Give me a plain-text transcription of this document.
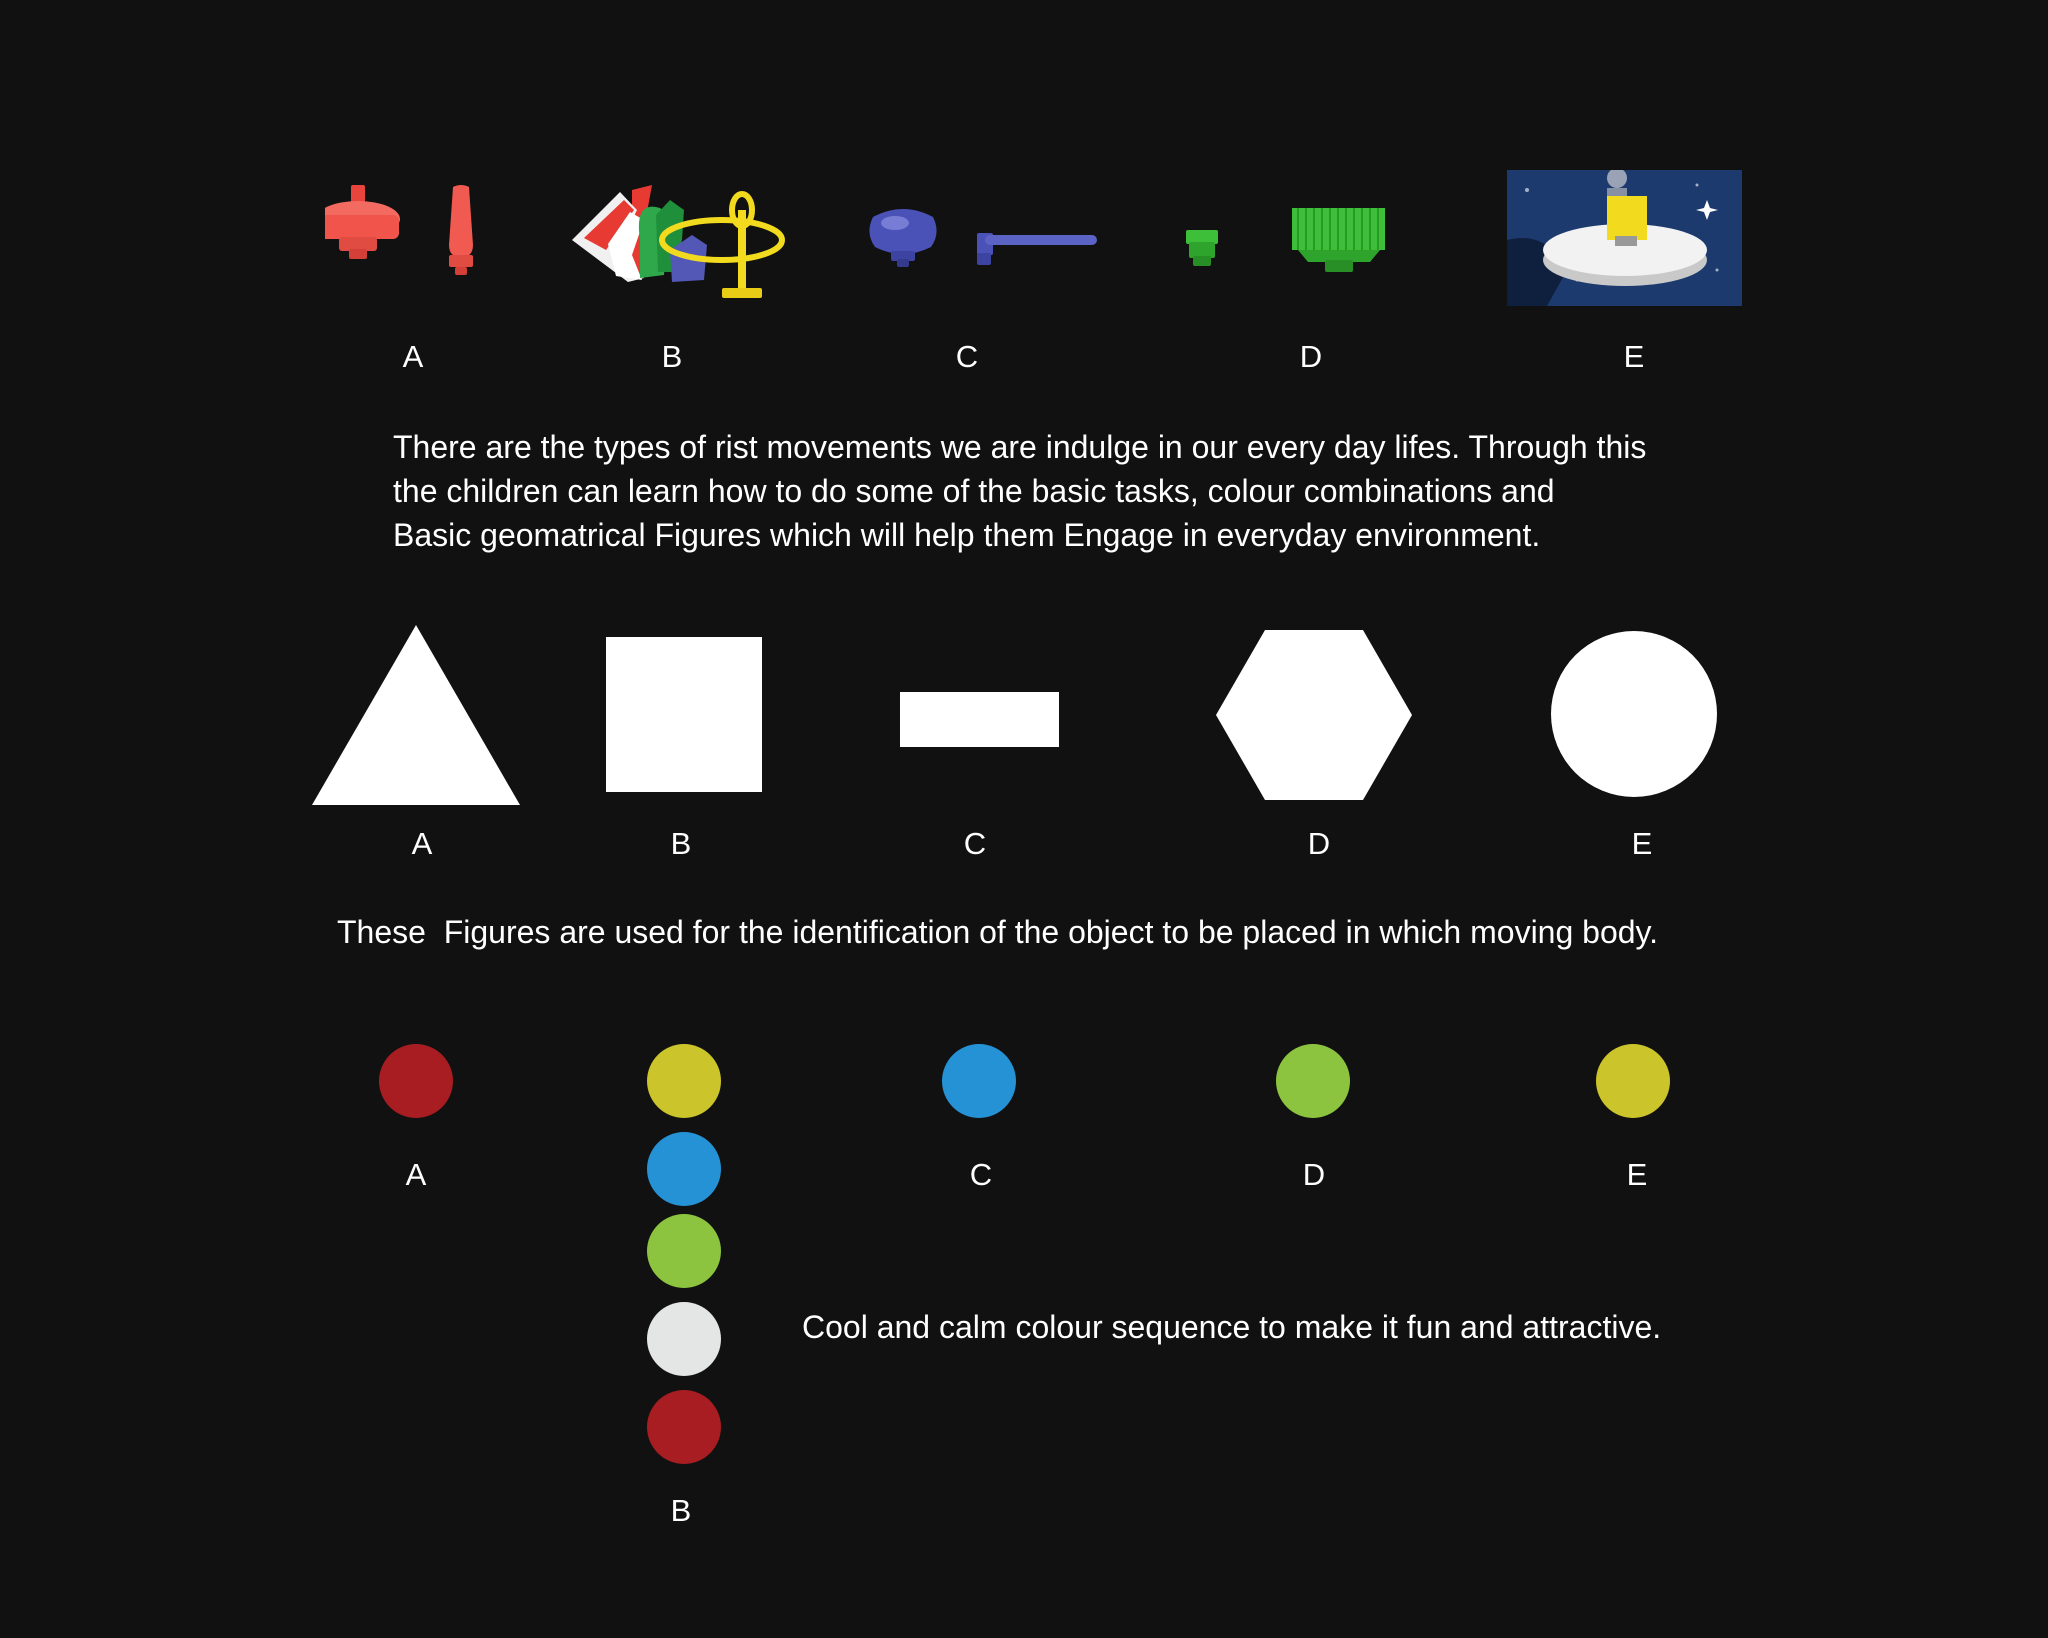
A	B	C	D	E
There are the types of rist movements we are indulge in our every day lifes. Through this
the children can learn how to do some of the basic tasks, colour combinations and
Basic geomatrical Figures which will help them Engage in everyday environment.
A	B	C	D	E
These  Figures are used for the identification of the object to be placed in which moving body.
A	C	D	E
B
Cool and calm colour sequence to make it fun and attractive.
